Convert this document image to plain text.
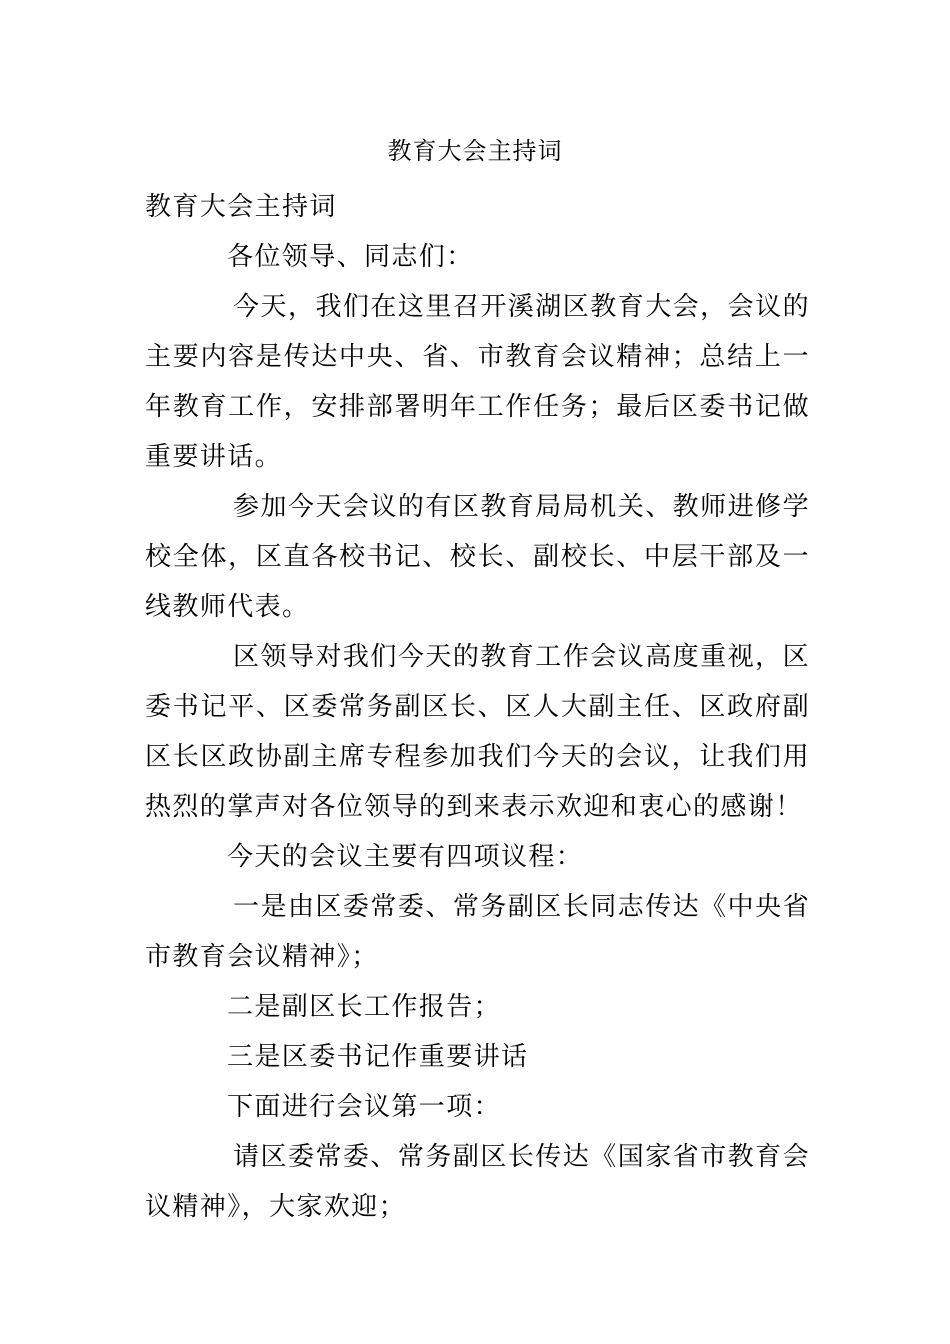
教育大会主持词

教育大会主持词

各位领导、同志们：

今天，我们在这里召开溪湖区教育大会，会议的主要内容是传达中央、省、市教育会议精神；总结上一年教育工作，安排部署明年工作任务；最后区委书记做重要讲话。

参加今天会议的有区教育局局机关、教师进修学校全体，区直各校书记、校长、副校长、中层干部及一线教师代表。

区领导对我们今天的教育工作会议高度重视，区委书记平、区委常务副区长、区人大副主任、区政府副区长区政协副主席专程参加我们今天的会议，让我们用热烈的掌声对各位领导的到来表示欢迎和衷心的感谢！

今天的会议主要有四项议程：

一是由区委常委、常务副区长同志传达《中央省市教育会议精神》；

二是副区长工作报告；

三是区委书记作重要讲话

下面进行会议第一项：

请区委常委、常务副区长传达《国家省市教育会议精神》，大家欢迎；
